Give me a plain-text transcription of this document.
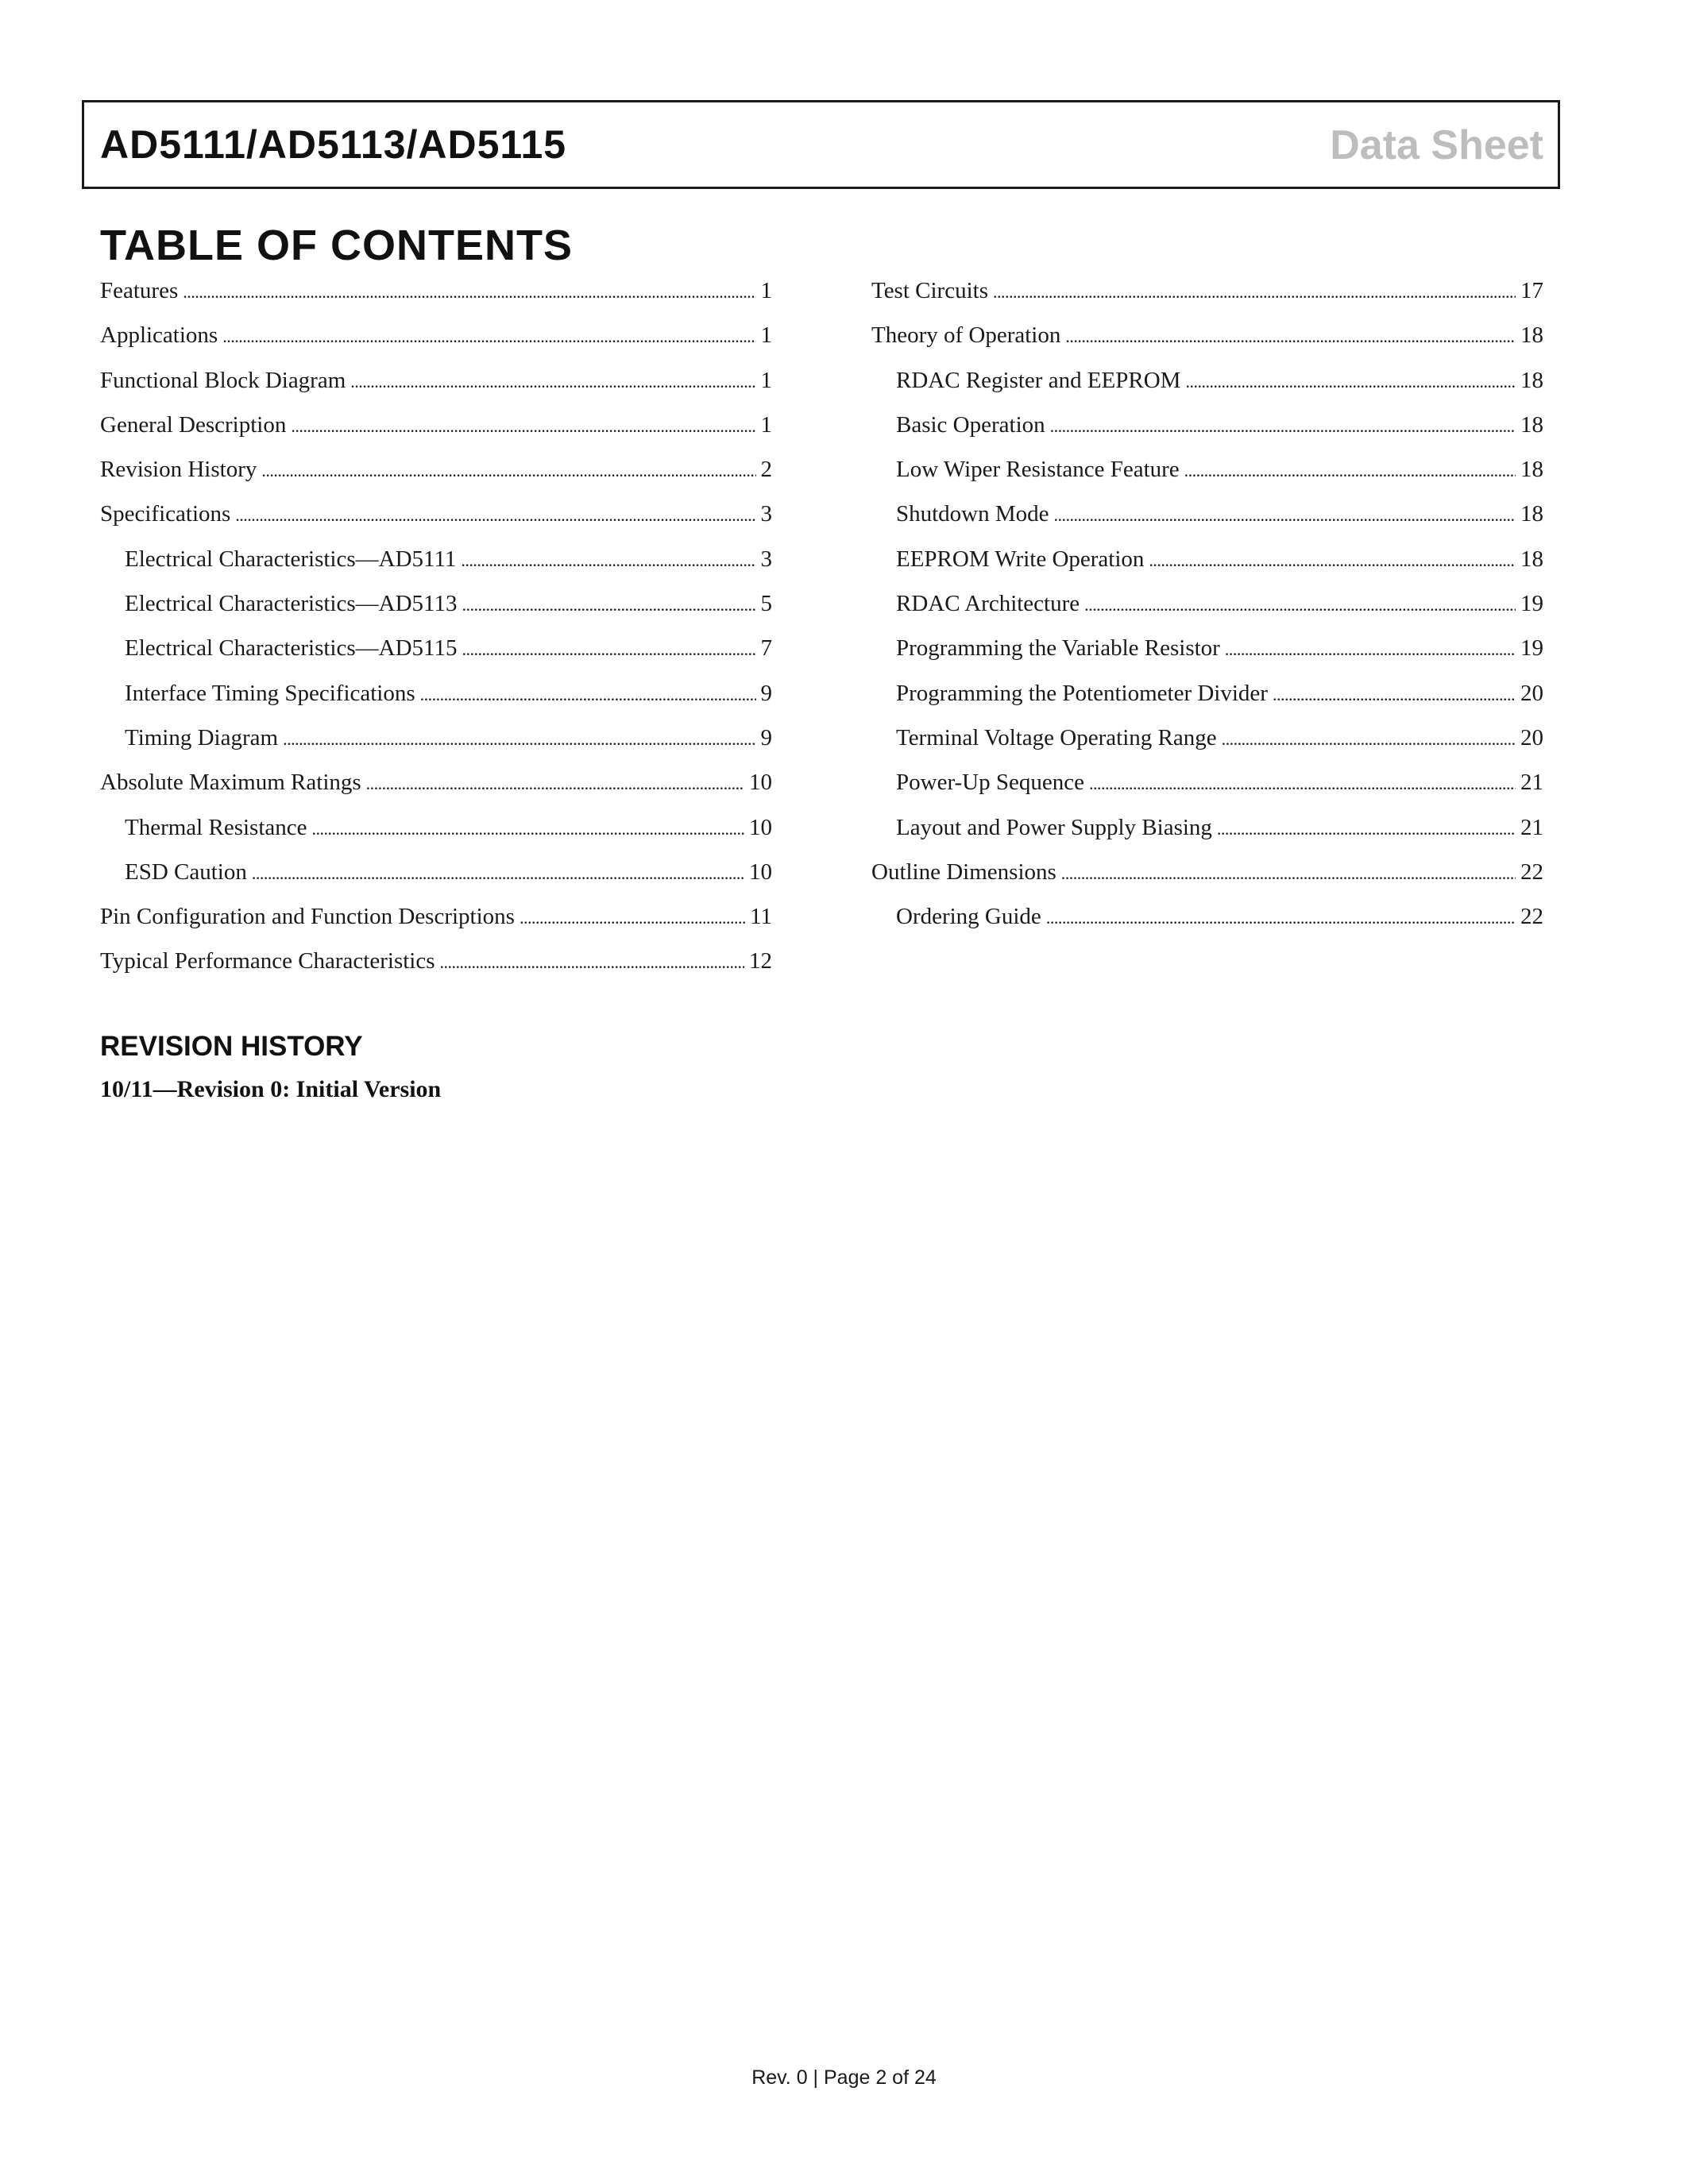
AD5111/AD5113/AD5115	Data Sheet
TABLE OF CONTENTS
Features . . .	1
Applications . . .	1
Functional Block Diagram . . .	1
General Description . . .	1
Revision History . . .	2
Specifications . . .	3
Electrical Characteristics—AD5111 . . .	3
Electrical Characteristics—AD5113 . . .	5
Electrical Characteristics—AD5115 . . .	7
Interface Timing Specifications . . .	9
Timing Diagram . . .	9
Absolute Maximum Ratings . . .	10
Thermal Resistance . . .	10
ESD Caution . . .	10
Pin Configuration and Function Descriptions . . .	11
Typical Performance Characteristics . . .	12
Test Circuits . . .	17
Theory of Operation . . .	18
RDAC Register and EEPROM . . .	18
Basic Operation . . .	18
Low Wiper Resistance Feature . . .	18
Shutdown Mode . . .	18
EEPROM Write Operation . . .	18
RDAC Architecture . . .	19
Programming the Variable Resistor . . .	19
Programming the Potentiometer Divider . . .	20
Terminal Voltage Operating Range . . .	20
Power-Up Sequence . . .	21
Layout and Power Supply Biasing . . .	21
Outline Dimensions . . .	22
Ordering Guide . . .	22
REVISION HISTORY
10/11—Revision 0: Initial Version
Rev. 0 | Page 2 of 24
